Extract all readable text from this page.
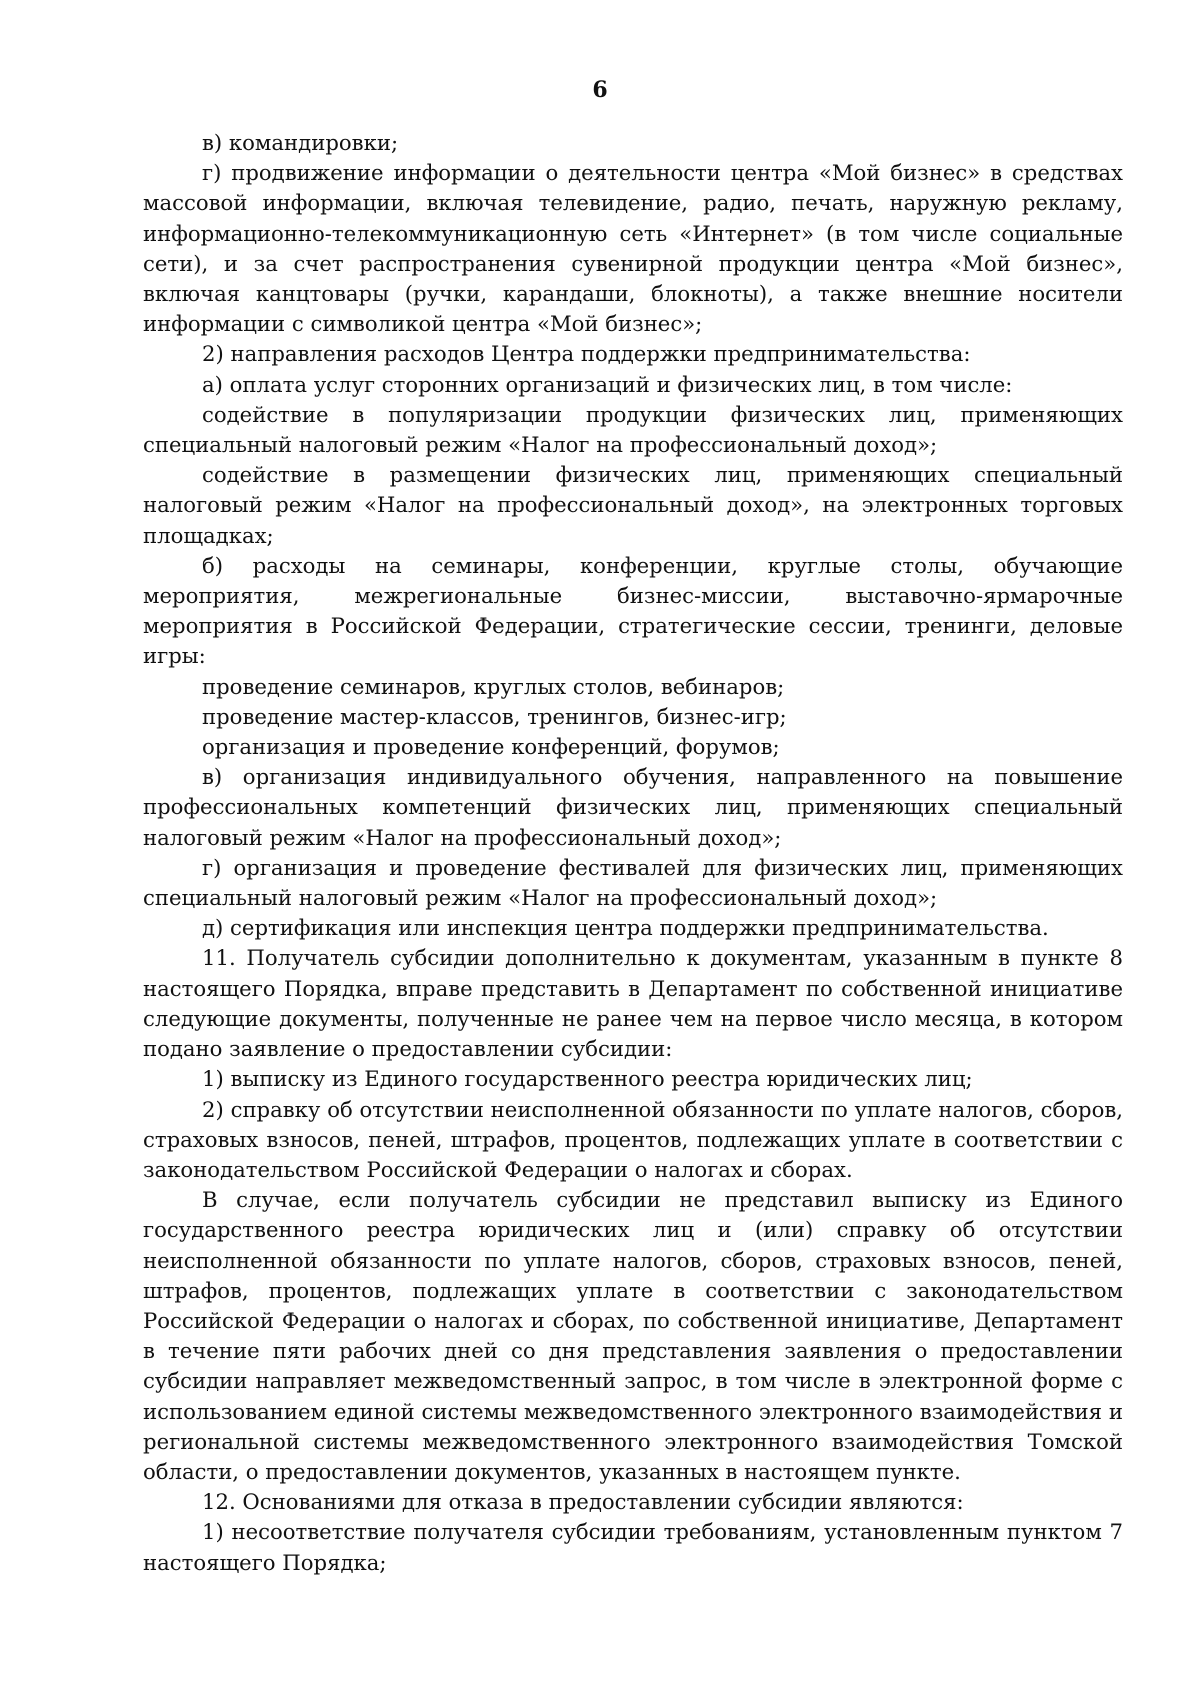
6

в) командировки;

г) продвижение информации о деятельности центра «Мой бизнес» в средствах массовой информации, включая телевидение, радио, печать, наружную рекламу, информационно-телекоммуникационную сеть «Интернет» (в том числе социальные сети), и за счет распространения сувенирной продукции центра «Мой бизнес», включая канцтовары (ручки, карандаши, блокноты), а также внешние носители информации с символикой центра «Мой бизнес»;

2) направления расходов Центра поддержки предпринимательства:

а) оплата услуг сторонних организаций и физических лиц, в том числе:

содействие в популяризации продукции физических лиц, применяющих специальный налоговый режим «Налог на профессиональный доход»;

содействие в размещении физических лиц, применяющих специальный налоговый режим «Налог на профессиональный доход», на электронных торговых площадках;

б) расходы на семинары, конференции, круглые столы, обучающие мероприятия, межрегиональные бизнес-миссии, выставочно-ярмарочные мероприятия в Российской Федерации, стратегические сессии, тренинги, деловые игры:

проведение семинаров, круглых столов, вебинаров;

проведение мастер-классов, тренингов, бизнес-игр;

организация и проведение конференций, форумов;

в) организация индивидуального обучения, направленного на повышение профессиональных компетенций физических лиц, применяющих специальный налоговый режим «Налог на профессиональный доход»;

г) организация и проведение фестивалей для физических лиц, применяющих специальный налоговый режим «Налог на профессиональный доход»;

д) сертификация или инспекция центра поддержки предпринимательства.

11. Получатель субсидии дополнительно к документам, указанным в пункте 8 настоящего Порядка, вправе представить в Департамент по собственной инициативе следующие документы, полученные не ранее чем на первое число месяца, в котором подано заявление о предоставлении субсидии:

1) выписку из Единого государственного реестра юридических лиц;

2) справку об отсутствии неисполненной обязанности по уплате налогов, сборов, страховых взносов, пеней, штрафов, процентов, подлежащих уплате в соответствии с законодательством Российской Федерации о налогах и сборах.

В случае, если получатель субсидии не представил выписку из Единого государственного реестра юридических лиц и (или) справку об отсутствии неисполненной обязанности по уплате налогов, сборов, страховых взносов, пеней, штрафов, процентов, подлежащих уплате в соответствии с законодательством Российской Федерации о налогах и сборах, по собственной инициативе, Департамент в течение пяти рабочих дней со дня представления заявления о предоставлении субсидии направляет межведомственный запрос, в том числе в электронной форме с использованием единой системы межведомственного электронного взаимодействия и региональной системы межведомственного электронного взаимодействия Томской области, о предоставлении документов, указанных в настоящем пункте.

12. Основаниями для отказа в предоставлении субсидии являются:

1) несоответствие получателя субсидии требованиям, установленным пунктом 7 настоящего Порядка;
